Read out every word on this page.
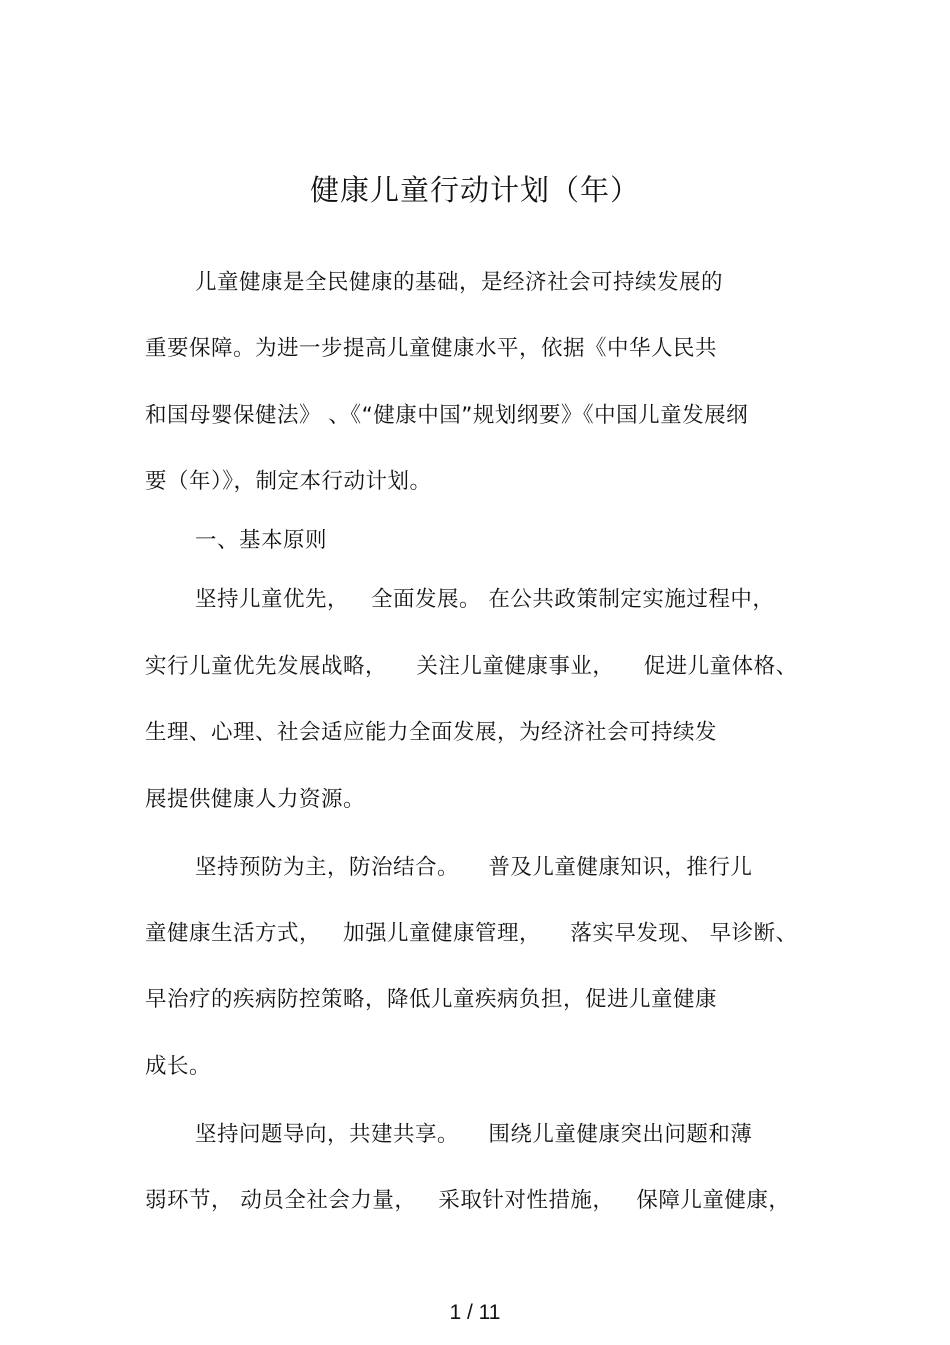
健康儿童行动计划（年）
儿童健康是全民健康的基础，是经济社会可持续发展的
重要保障。为进一步提高儿童健康水平，依据《中华人民共
和国母婴保健法》 、《“健康中国”规划纲要》《中国儿童发展纲
要（年）》，制定本行动计划。
一、基本原则
坚持儿童优先，   全面发展。 在公共政策制定实施过程中，
实行儿童优先发展战略，    关注儿童健康事业，    促进儿童体格、
生理、心理、社会适应能力全面发展，为经济社会可持续发
展提供健康人力资源。
坚持预防为主，防治结合。    普及儿童健康知识，推行儿
童健康生活方式，   加强儿童健康管理，    落实早发现、 早诊断、
早治疗的疾病防控策略，降低儿童疾病负担，促进儿童健康
成长。
坚持问题导向，共建共享。    围绕儿童健康突出问题和薄
弱环节， 动员全社会力量，   采取针对性措施，   保障儿童健康，
1 / 11
